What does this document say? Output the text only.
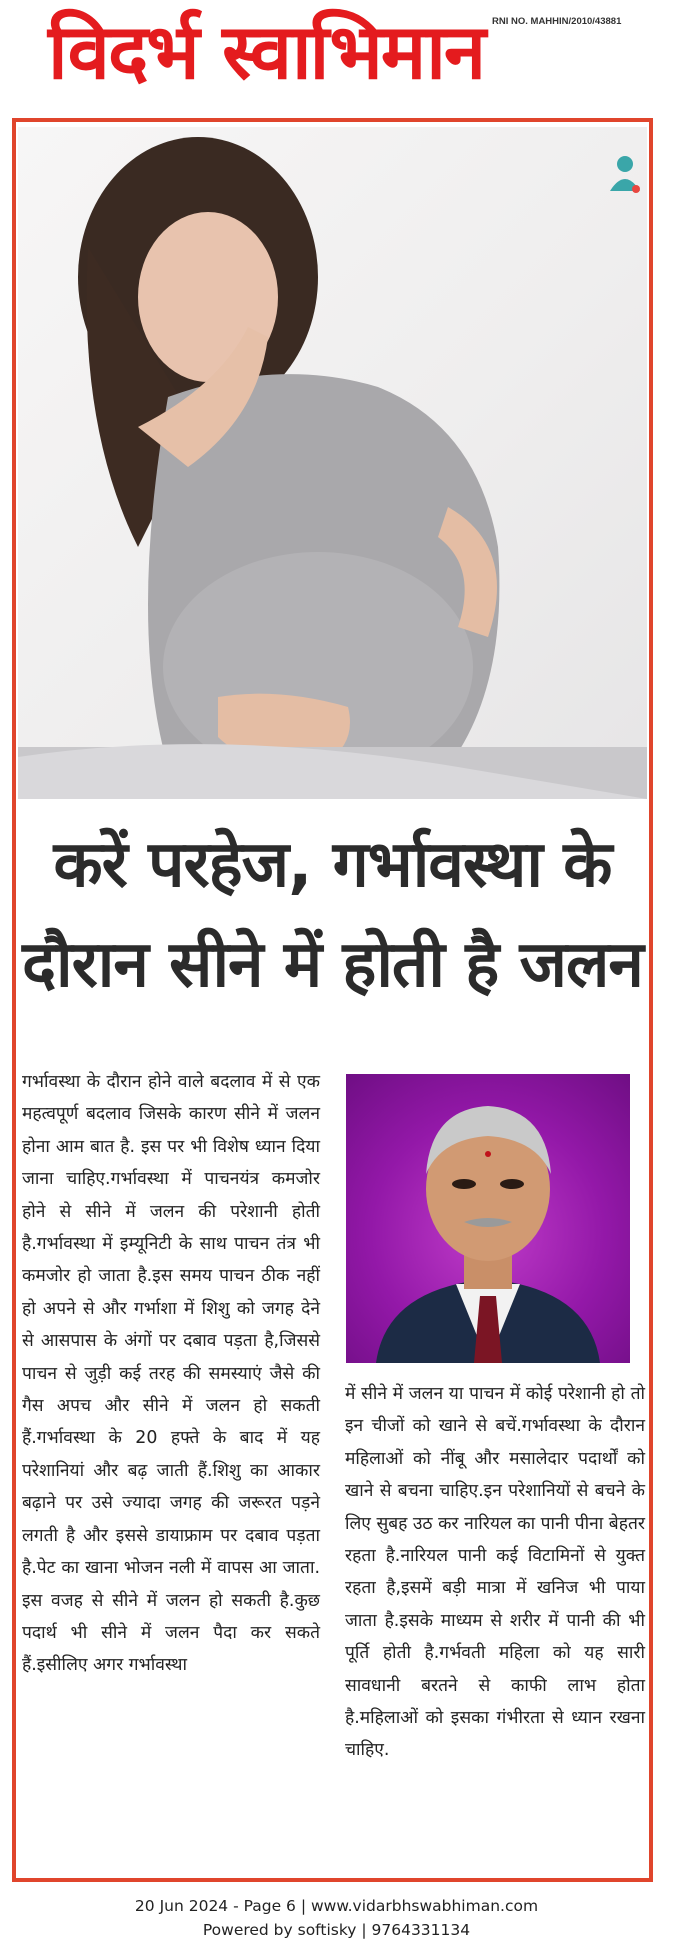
विदर्भ स्वाभिमान RNI NO. MAHHIN/2010/43881
करें परहेज, गर्भावस्था के
दौरान सीने में होती है जलन
गर्भावस्था के दौरान होने वाले बदलाव में से एक महत्वपूर्ण बदलाव जिसके कारण सीने में जलन होना आम बात है. इस पर भी विशेष ध्यान दिया जाना चाहिए.गर्भावस्था में पाचनयंत्र कमजोर होने से सीने में जलन की परेशानी होती है.गर्भावस्था में इम्यूनिटी के साथ पाचन तंत्र भी कमजोर हो जाता है.इस समय पाचन ठीक नहीं हो अपने से और गर्भाशा में शिशु को जगह देने से आसपास के अंगों पर दबाव पड़ता है,जिससे पाचन से जुड़ी कई तरह की समस्याएं जैसे की गैस अपच और सीने में जलन हो सकती हैं.गर्भावस्था के 20 हफ्ते के बाद में यह परेशानियां और बढ़ जाती हैं.शिशु का आकार बढ़ाने पर उसे ज्यादा जगह की जरूरत पड़ने लगती है और इससे डायाफ्राम पर दबाव पड़ता है.पेट का खाना भोजन नली में वापस आ जाता. इस वजह से सीने में जलन हो सकती है.कुछ पदार्थ भी सीने में जलन पैदा कर सकते हैं.इसीलिए अगर गर्भावस्था
में सीने में जलन या पाचन में कोई परेशानी हो तो इन चीजों को खाने से बचें.गर्भावस्था के दौरान महिलाओं को नींबू और मसालेदार पदार्थों को खाने से बचना चाहिए.इन परेशानियों से बचने के लिए सुबह उठ कर नारियल का पानी पीना बेहतर रहता है.नारियल पानी कई विटामिनों से युक्त रहता है,इसमें बड़ी मात्रा में खनिज भी पाया जाता है.इसके माध्यम से शरीर में पानी की भी पूर्ति होती है.गर्भवती महिला को यह सारी सावधानी बरतने से काफी लाभ होता है.महिलाओं को इसका गंभीरता से ध्यान रखना चाहिए.
20 Jun 2024 - Page 6 | www.vidarbhswabhiman.com
Powered by softisky | 9764331134
